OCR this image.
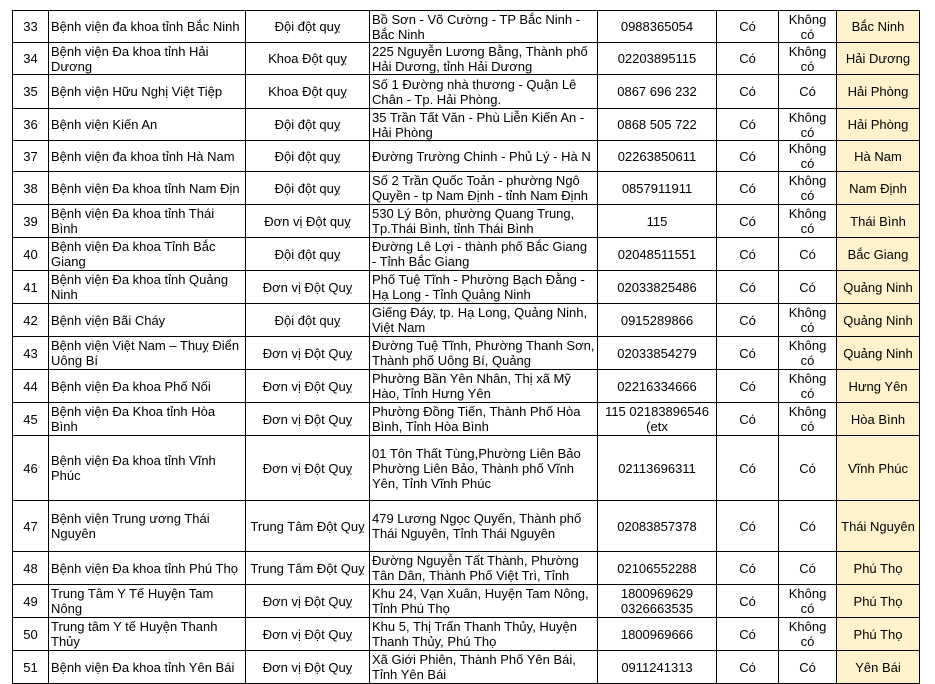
33	Bệnh viện đa khoa tỉnh Bắc Ninh	Đội đột quỵ	Bồ Sơn - Võ Cường - TP Bắc Ninh - Bắc Ninh	0988365054	Có	Không có	Bắc Ninh
34	Bệnh viện Đa khoa tỉnh Hải Dương	Khoa Đột quỵ	225 Nguyễn Lương Bằng, Thành phố Hải Dương, tỉnh Hải Dương	02203895115	Có	Không có	Hải Dương
35	Bệnh viện Hữu Nghị Việt Tiệp	Khoa Đột quỵ	Số 1 Đường nhà thương - Quận Lê Chân - Tp. Hải Phòng.	0867 696 232	Có	Có	Hải Phòng
36	Bệnh viện Kiến An	Đội đột quỵ	35 Trần Tất Văn - Phù Liễn Kiến An - Hải Phòng	0868 505 722	Có	Không có	Hải Phòng
37	Bệnh viện đa khoa tỉnh Hà Nam	Đội đột quỵ	Đường Trường Chinh - Phủ Lý - Hà N	02263850611	Có	Không có	Hà Nam
38	Bệnh viện Đa khoa tỉnh Nam Địn	Đội đột quỵ	Số 2 Trần Quốc Toản - phường Ngô Quyền - tp Nam Định - tỉnh Nam Định	0857911911	Có	Không có	Nam Định
39	Bệnh viện Đa khoa tỉnh Thái Bình	Đơn vị Đột quỵ	530 Lý Bôn, phường Quang Trung, Tp.Thái Bình, tỉnh Thái Bình	115	Có	Không có	Thái Bình
40	Bệnh viện Đa khoa Tỉnh Bắc Giang	Đội đột quỵ	Đường Lê Lợi - thành phố Bắc Giang - Tỉnh Bắc Giang	02048511551	Có	Có	Bắc Giang
41	Bệnh viện Đa khoa tỉnh Quảng Ninh	Đơn vị Đột Quỵ	Phố Tuệ Tĩnh - Phường Bạch Đằng - Hạ Long - Tỉnh Quảng Ninh	02033825486	Có	Có	Quảng Ninh
42	Bệnh viện Bãi Cháy	Đội đột quỵ	Giếng Đáy, tp. Hạ Long, Quảng Ninh, Việt Nam	0915289866	Có	Không có	Quảng Ninh
43	Bệnh viện Việt Nam – Thuỵ Điển Uông Bí	Đơn vị Đột Quỵ	Đường Tuệ Tĩnh, Phường Thanh Sơn, Thành phố Uông Bí, Quảng	02033854279	Có	Không có	Quảng Ninh
44	Bệnh viện Đa khoa Phố Nối	Đơn vị Đột Quỵ	Phường Bần Yên Nhân, Thị xã Mỹ Hào, Tỉnh Hưng Yên	02216334666	Có	Không có	Hưng Yên
45	Bệnh viện Đa Khoa tỉnh Hòa Bình	Đơn vị Đột Quỵ	Phường Đồng Tiến, Thành Phố Hòa Bình, Tỉnh Hòa Bình	115 02183896546 (etx	Có	Không có	Hòa Bình
46	Bệnh viện Đa khoa tỉnh Vĩnh Phúc	Đơn vị Đột Quỵ	01 Tôn Thất Tùng,Phường Liên Bảo Phường Liên Bảo, Thành phố Vĩnh Yên, Tỉnh Vĩnh Phúc	02113696311	Có	Có	Vĩnh Phúc
47	Bệnh viện Trung ương Thái Nguyên	Trung Tâm Đột Quỵ	479 Lương Ngọc Quyến, Thành phố Thái Nguyên, Tỉnh Thái Nguyên	02083857378	Có	Có	Thái Nguyên
48	Bệnh viện Đa khoa tỉnh Phú Thọ	Trung Tâm Đột Quỵ	Đường Nguyễn Tất Thành, Phường Tân Dân, Thành Phố Việt Trì, Tỉnh	02106552288	Có	Có	Phú Thọ
49	Trung Tâm Y Tế Huyện Tam Nông	Đơn vị Đột Quỵ	Khu 24, Vạn Xuân, Huyện Tam Nông, Tỉnh Phú Thọ	1800969629 0326663535	Có	Không có	Phú Thọ
50	Trung tâm Y tế Huyện Thanh Thủy	Đơn vị Đột Quỵ	Khu 5, Thị Trấn Thanh Thủy, Huyện Thanh Thủy, Phú Thọ	1800969666	Có	Không có	Phú Thọ
51	Bệnh viện Đa khoa tỉnh Yên Bái	Đơn vị Đột Quỵ	Xã Giới Phiên, Thành Phố Yên Bái, Tỉnh Yên Bái	0911241313	Có	Có	Yên Bái
